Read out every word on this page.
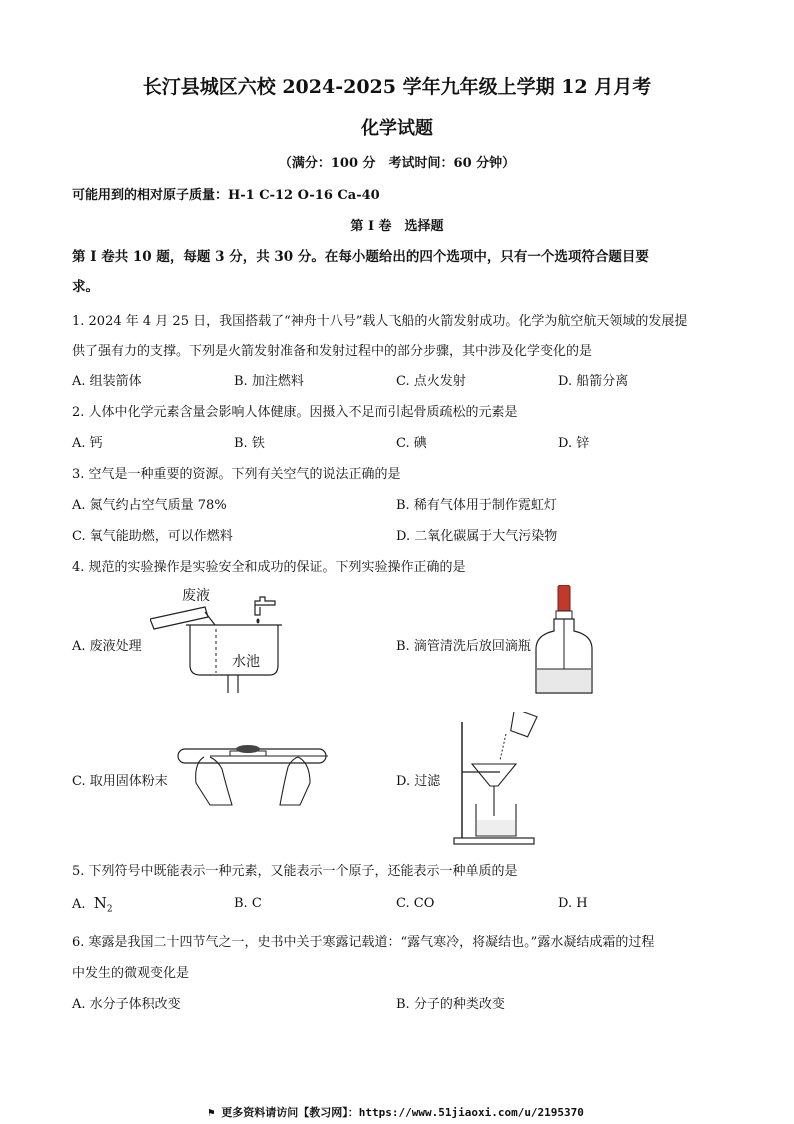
长汀县城区六校 2024-2025 学年九年级上学期 12 月月考
化学试题
（满分：100 分　考试时间：60 分钟）
可能用到的相对原子质量：H-1 C-12 O-16 Ca-40
第 I 卷　选择题
第 I 卷共 10 题，每题 3 分，共 30 分。在每小题给出的四个选项中，只有一个选项符合题目要
求。
1. 2024 年 4 月 25 日，我国搭载了“神舟十八号”载人飞船的火箭发射成功。化学为航空航天领域的发展提
供了强有力的支撑。下列是火箭发射准备和发射过程中的部分步骤，其中涉及化学变化的是
A. 组装箭体	B. 加注燃料	C. 点火发射	D. 船箭分离
2. 人体中化学元素含量会影响人体健康。因摄入不足而引起骨质疏松的元素是
A. 钙	B. 铁	C. 碘	D. 锌
3. 空气是一种重要的资源。下列有关空气的说法正确的是
A. 氮气约占空气质量 78%	B. 稀有气体用于制作霓虹灯
C. 氧气能助燃，可以作燃料	D. 二氧化碳属于大气污染物
4. 规范的实验操作是实验安全和成功的保证。下列实验操作正确的是
A. 废液处理	B. 滴管清洗后放回滴瓶
C. 取用固体粉末	D. 过滤
废液
水池
5. 下列符号中既能表示一种元素，又能表示一个原子，还能表示一种单质的是
A. $N_2$	B. C	C. CO	D. H
6. 寒露是我国二十四节气之一，史书中关于寒露记载道：“露气寒冷，将凝结也。”露水凝结成霜的过程
中发生的微观变化是
A. 水分子体积改变	B. 分子的种类改变
⚑ 更多资料请访问【教习网】：https://www.51jiaoxi.com/u/2195370
